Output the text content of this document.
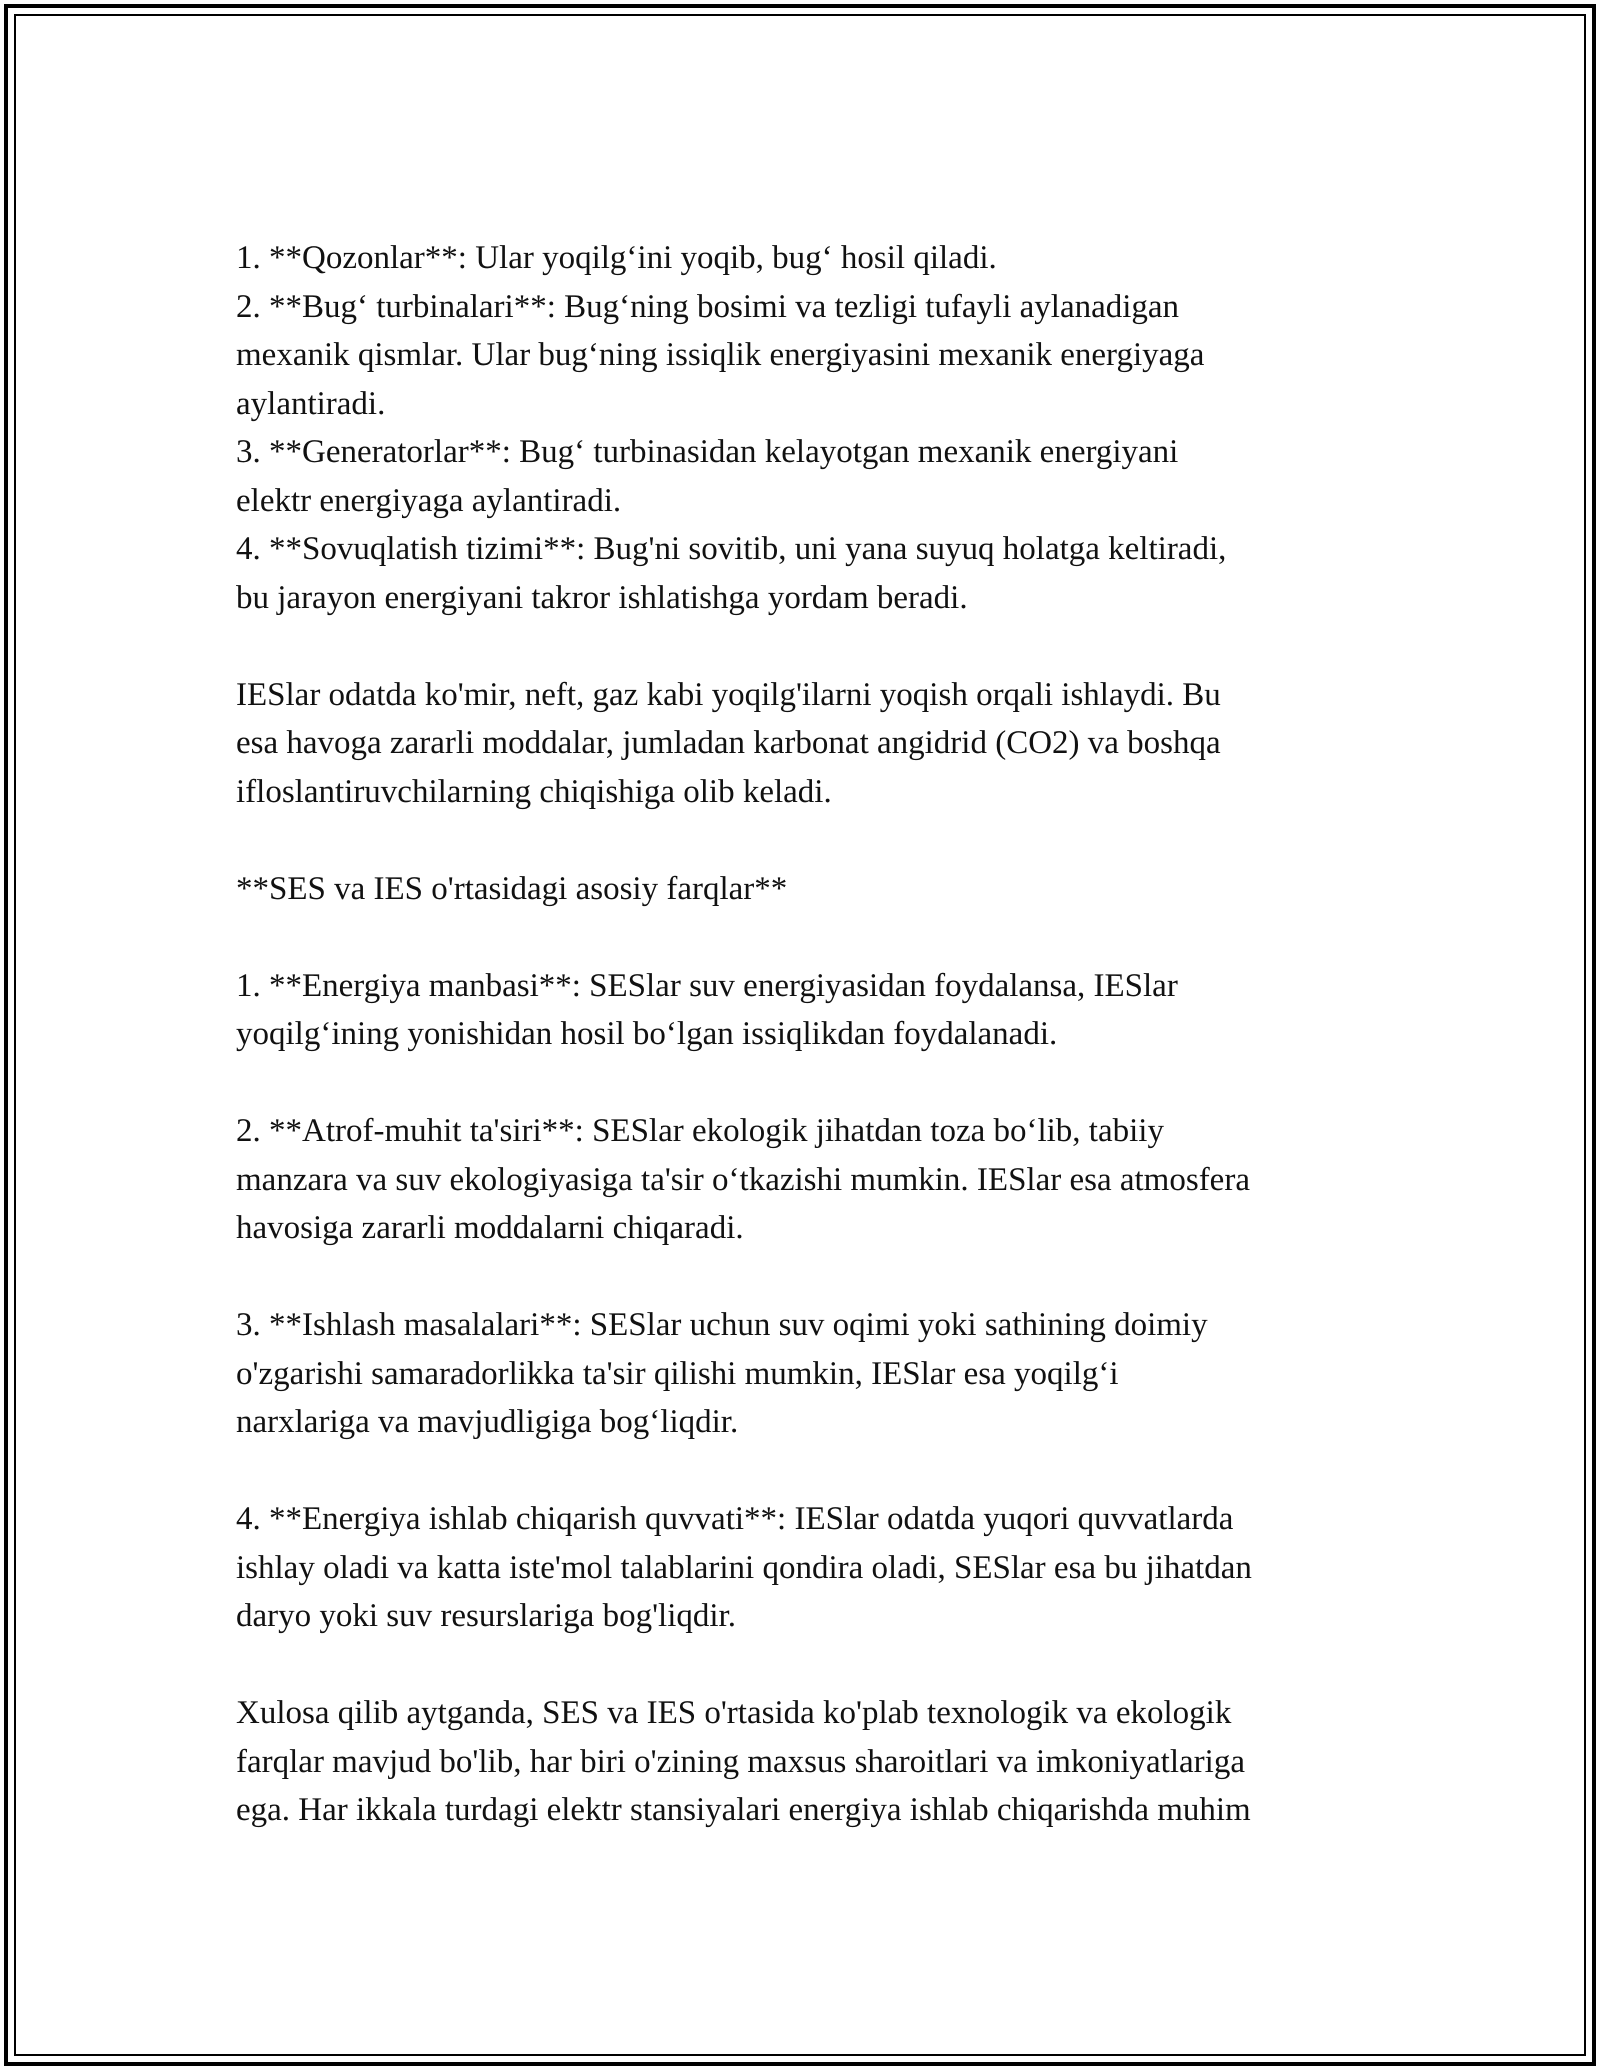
1. **Qozonlar**: Ular yoqilg‘ini yoqib, bug‘ hosil qiladi.
2. **Bug‘ turbinalari**: Bug‘ning bosimi va tezligi tufayli aylanadigan
mexanik qismlar. Ular bug‘ning issiqlik energiyasini mexanik energiyaga
aylantiradi.
3. **Generatorlar**: Bug‘ turbinasidan kelayotgan mexanik energiyani
elektr energiyaga aylantiradi.
4. **Sovuqlatish tizimi**: Bug'ni sovitib, uni yana suyuq holatga keltiradi,
bu jarayon energiyani takror ishlatishga yordam beradi.
IESlar odatda ko'mir, neft, gaz kabi yoqilg'ilarni yoqish orqali ishlaydi. Bu
esa havoga zararli moddalar, jumladan karbonat angidrid (CO2) va boshqa
ifloslantiruvchilarning chiqishiga olib keladi.
**SES va IES o'rtasidagi asosiy farqlar**
1. **Energiya manbasi**: SESlar suv energiyasidan foydalansa, IESlar
yoqilg‘ining yonishidan hosil bo‘lgan issiqlikdan foydalanadi.
2. **Atrof-muhit ta'siri**: SESlar ekologik jihatdan toza bo‘lib, tabiiy
manzara va suv ekologiyasiga ta'sir o‘tkazishi mumkin. IESlar esa atmosfera
havosiga zararli moddalarni chiqaradi.
3. **Ishlash masalalari**: SESlar uchun suv oqimi yoki sathining doimiy
o'zgarishi samaradorlikka ta'sir qilishi mumkin, IESlar esa yoqilg‘i
narxlariga va mavjudligiga bog‘liqdir.
4. **Energiya ishlab chiqarish quvvati**: IESlar odatda yuqori quvvatlarda
ishlay oladi va katta iste'mol talablarini qondira oladi, SESlar esa bu jihatdan
daryo yoki suv resurslariga bog'liqdir.
Xulosa qilib aytganda, SES va IES o'rtasida ko'plab texnologik va ekologik
farqlar mavjud bo'lib, har biri o'zining maxsus sharoitlari va imkoniyatlariga
ega. Har ikkala turdagi elektr stansiyalari energiya ishlab chiqarishda muhim
